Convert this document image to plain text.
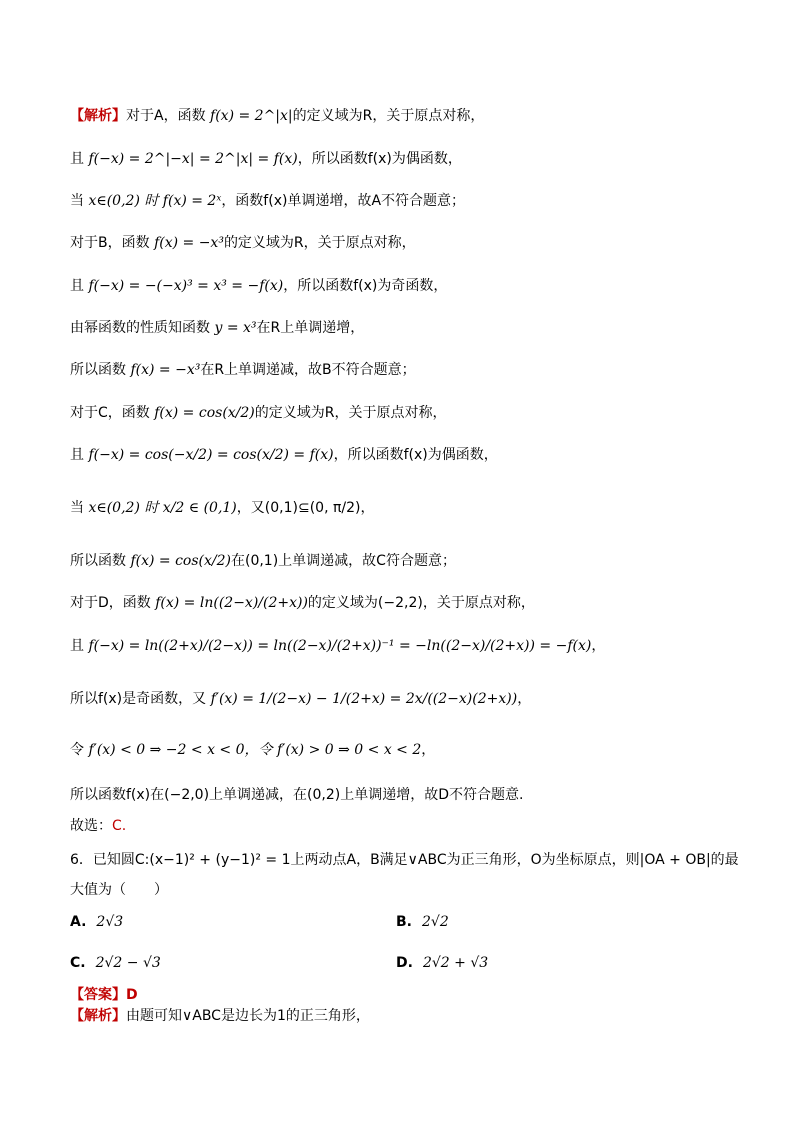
【解析】对于A，函数 f(x) = 2^|x|的定义域为R，关于原点对称，
且 f(−x) = 2^|−x| = 2^|x| = f(x)，所以函数f(x)为偶函数，
当 x∈(0,2) 时 f(x) = 2ˣ，函数f(x)单调递增，故A不符合题意；
对于B，函数 f(x) = −x³的定义域为R，关于原点对称，
且 f(−x) = −(−x)³ = x³ = −f(x)，所以函数f(x)为奇函数，
由幂函数的性质知函数 y = x³在R上单调递增，
所以函数 f(x) = −x³在R上单调递减，故B不符合题意；
对于C，函数 f(x) = cos(x/2)的定义域为R，关于原点对称，
且 f(−x) = cos(−x/2) = cos(x/2) = f(x)，所以函数f(x)为偶函数，
当 x∈(0,2) 时 x/2 ∈ (0,1)，又(0,1)⊆(0, π/2)，
所以函数 f(x) = cos(x/2)在(0,1)上单调递减，故C符合题意；
对于D，函数 f(x) = ln((2−x)/(2+x))的定义域为(−2,2)，关于原点对称，
且 f(−x) = ln((2+x)/(2−x)) = ln((2−x)/(2+x))⁻¹ = −ln((2−x)/(2+x)) = −f(x)，
所以f(x)是奇函数，又 f′(x) = 1/(2−x) − 1/(2+x) = 2x/((2−x)(2+x))，
令 f′(x) < 0 ⇒ −2 < x < 0，令 f′(x) > 0 ⇒ 0 < x < 2，
所以函数f(x)在(−2,0)上单调递减，在(0,2)上单调递增，故D不符合题意.
故选：C.
6．已知圆C:(x−1)² + (y−1)² = 1上两动点A，B满足∨ABC为正三角形，O为坐标原点，则|OA + OB|的最
大值为（　　）
A. 2√3	B. 2√2
C. 2√2 − √3	D. 2√2 + √3
【答案】D
【解析】由题可知∨ABC是边长为1的正三角形，
